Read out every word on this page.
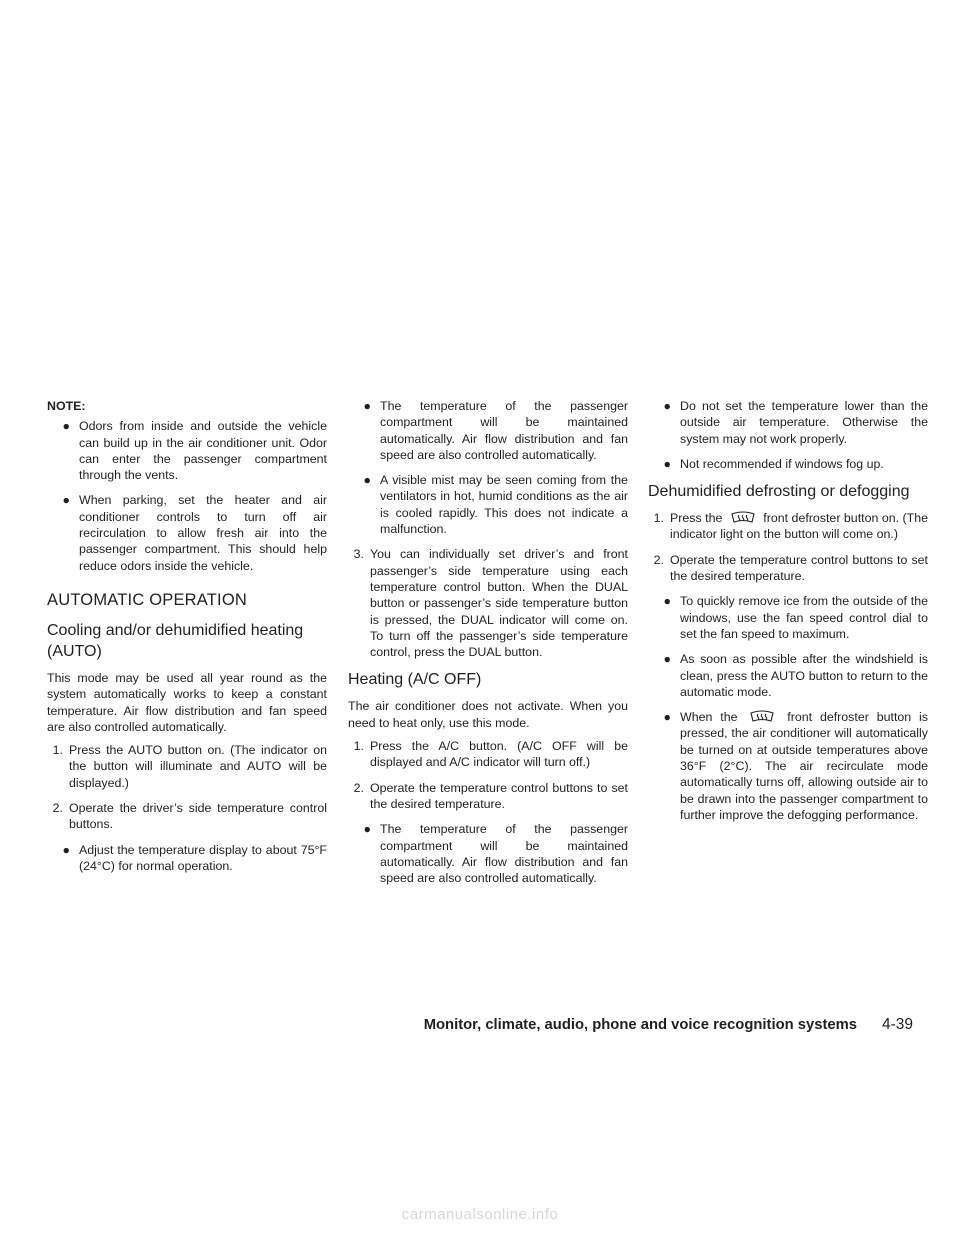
NOTE:
● Odors from inside and outside the vehicle can build up in the air conditioner unit. Odor can enter the passenger compartment through the vents.
● When parking, set the heater and air conditioner controls to turn off air recirculation to allow fresh air into the passenger compartment. This should help reduce odors inside the vehicle.
AUTOMATIC OPERATION
Cooling and/or dehumidified heating (AUTO)

This mode may be used all year round as the system automatically works to keep a constant temperature. Air flow distribution and fan speed are also controlled automatically.

1. Press the AUTO button on. (The indicator on the button will illuminate and AUTO will be displayed.)
2. Operate the driver’s side temperature control buttons.
● Adjust the temperature display to about 75°F (24°C) for normal operation.
● The temperature of the passenger compartment will be maintained automatically. Air flow distribution and fan speed are also controlled automatically.
● A visible mist may be seen coming from the ventilators in hot, humid conditions as the air is cooled rapidly. This does not indicate a malfunction.
3. You can individually set driver’s and front passenger’s side temperature using each temperature control button. When the DUAL button or passenger’s side temperature button is pressed, the DUAL indicator will come on. To turn off the passenger’s side temperature control, press the DUAL button.
Heating (A/C OFF)

The air conditioner does not activate. When you need to heat only, use this mode.

1. Press the A/C button. (A/C OFF will be displayed and A/C indicator will turn off.)
2. Operate the temperature control buttons to set the desired temperature.
● The temperature of the passenger compartment will be maintained automatically. Air flow distribution and fan speed are also controlled automatically.
● Do not set the temperature lower than the outside air temperature. Otherwise the system may not work properly.
● Not recommended if windows fog up.
Dehumidified defrosting or defogging
1. Press the	front defroster button on. (The indicator light on the button will come on.)
2. Operate the temperature control buttons to set the desired temperature.
● To quickly remove ice from the outside of the windows, use the fan speed control dial to set the fan speed to maximum.
● As soon as possible after the windshield is clean, press the AUTO button to return to the automatic mode.
● When the	front defroster button is pressed, the air conditioner will automatically be turned on at outside temperatures above 36°F (2°C). The air recirculate mode automatically turns off, allowing outside air to be drawn into the passenger compartment to further improve the defogging performance.
Monitor, climate, audio, phone and voice recognition systems 4-39
carmanualsonline.info
